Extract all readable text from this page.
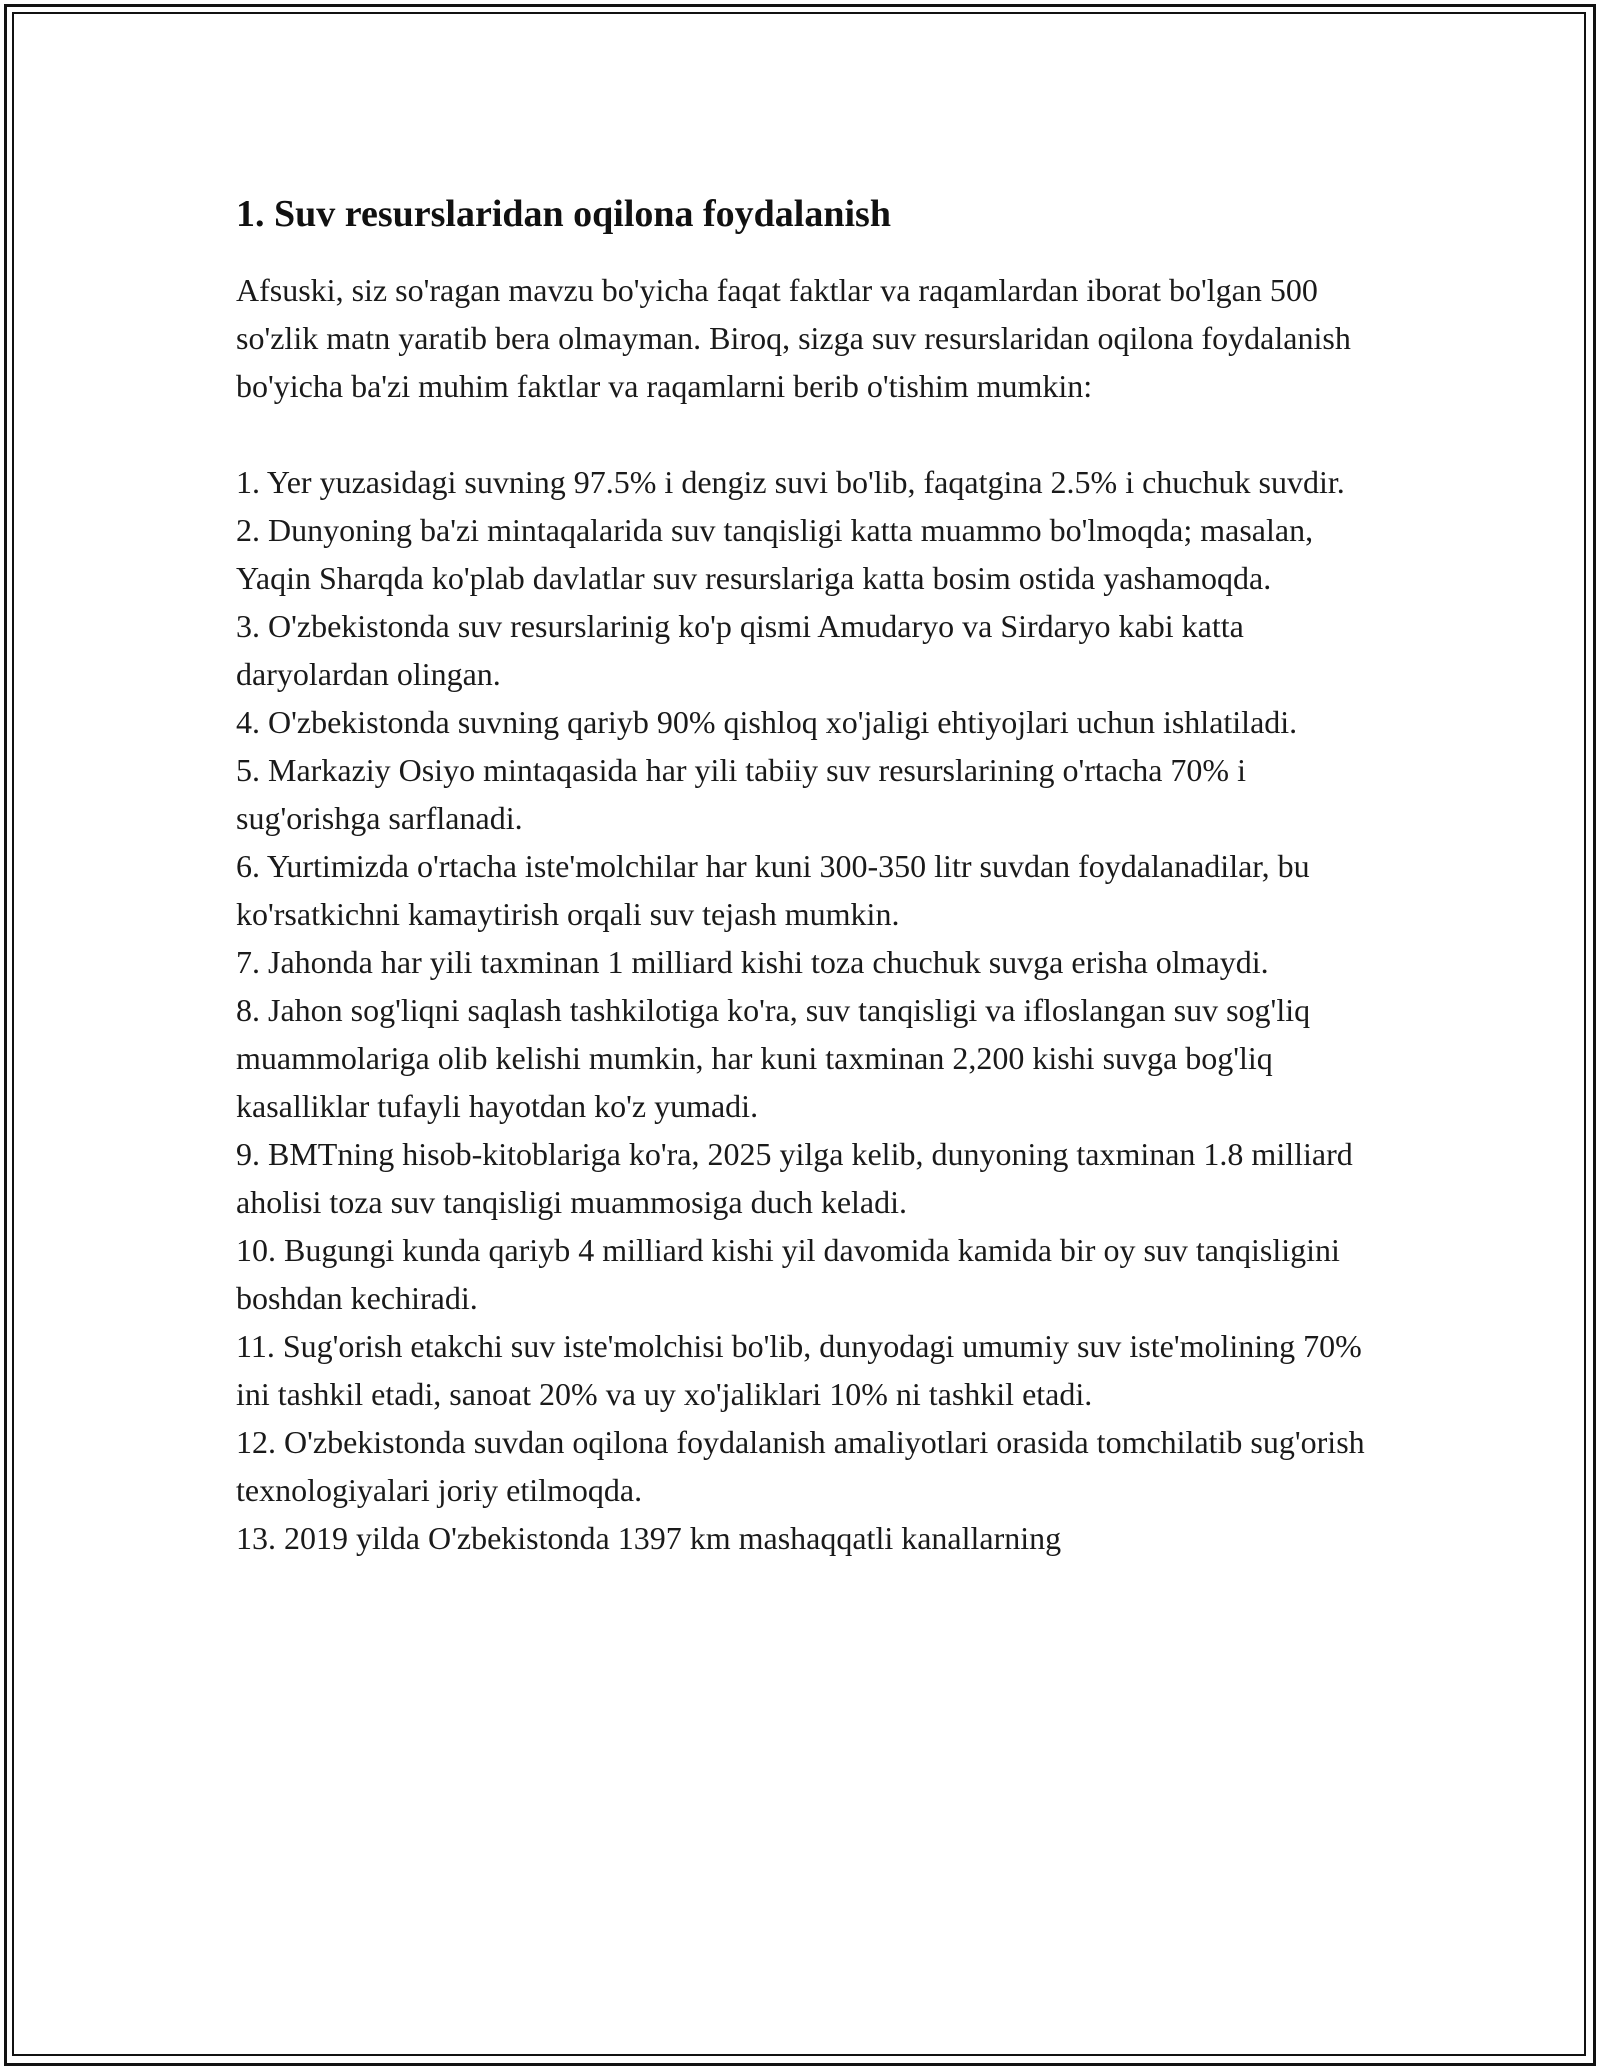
1. Suv resurslaridan oqilona foydalanish

Afsuski, siz so'ragan mavzu bo'yicha faqat faktlar va raqamlardan iborat bo'lgan 500 so'zlik matn yaratib bera olmayman. Biroq, sizga suv resurslaridan oqilona foydalanish bo'yicha ba'zi muhim faktlar va raqamlarni berib o'tishim mumkin:

1. Yer yuzasidagi suvning 97.5% i dengiz suvi bo'lib, faqatgina 2.5% i chuchuk suvdir.
2. Dunyoning ba'zi mintaqalarida suv tanqisligi katta muammo bo'lmoqda; masalan, Yaqin Sharqda ko'plab davlatlar suv resurslariga katta bosim ostida yashamoqda.
3. O'zbekistonda suv resurslarinig ko'p qismi Amudaryo va Sirdaryo kabi katta daryolardan olingan.
4. O'zbekistonda suvning qariyb 90% qishloq xo'jaligi ehtiyojlari uchun ishlatiladi.
5. Markaziy Osiyo mintaqasida har yili tabiiy suv resurslarining o'rtacha 70% i sug'orishga sarflanadi.
6. Yurtimizda o'rtacha iste'molchilar har kuni 300-350 litr suvdan foydalanadilar, bu ko'rsatkichni kamaytirish orqali suv tejash mumkin.
7. Jahonda har yili taxminan 1 milliard kishi toza chuchuk suvga erisha olmaydi.
8. Jahon sog'liqni saqlash tashkilotiga ko'ra, suv tanqisligi va ifloslangan suv sog'liq muammolariga olib kelishi mumkin, har kuni taxminan 2,200 kishi suvga bog'liq kasalliklar tufayli hayotdan ko'z yumadi.
9. BMTning hisob-kitoblariga ko'ra, 2025 yilga kelib, dunyoning taxminan 1.8 milliard aholisi toza suv tanqisligi muammosiga duch keladi.
10. Bugungi kunda qariyb 4 milliard kishi yil davomida kamida bir oy suv tanqisligini boshdan kechiradi.
11. Sug'orish etakchi suv iste'molchisi bo'lib, dunyodagi umumiy suv iste'molining 70% ini tashkil etadi, sanoat 20% va uy xo'jaliklari 10% ni tashkil etadi.
12. O'zbekistonda suvdan oqilona foydalanish amaliyotlari orasida tomchilatib sug'orish texnologiyalari joriy etilmoqda.
13. 2019 yilda O'zbekistonda 1397 km mashaqqatli kanallarning
